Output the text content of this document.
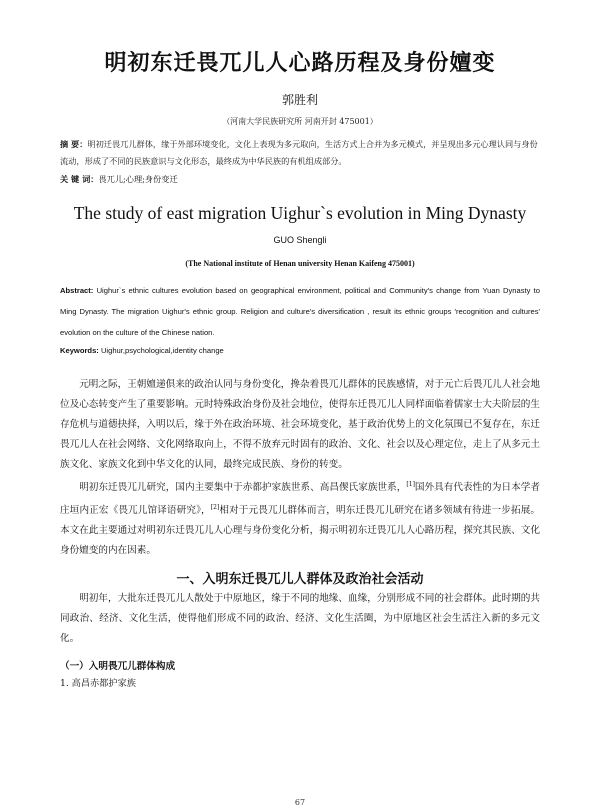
明初东迁畏兀儿人心路历程及身份嬗变
郭胜利
（河南大学民族研究所 河南开封 475001）
摘 要：明初迁畏兀儿群体，缘于外部环境变化，文化上表现为多元取向，生活方式上合并为多元模式，并呈现出多元心理认同与身份流动，形成了不同的民族意识与文化形态，最终成为中华民族的有机组成部分。
关 键 词：畏兀儿;心理;身份变迁
The study of east migration Uighur`s evolution in Ming Dynasty
GUO Shengli
(The National institute of Henan university Henan Kaifeng 475001)
Abstract: Uighur`s ethnic cultures evolution based on geographical environment, political and Community's change from Yuan Dynasty to Ming Dynasty. The migration Uighur's ethnic group. Religion and culture's diversification , result its ethnic groups 'recognition and cultures' evolution on the culture of the Chinese nation.
Keywords: Uighur,psychological,identity change

元明之际，王朝嬗递俱来的政治认同与身份变化，搀杂着畏兀儿群体的民族感情，对于元亡后畏兀儿人社会地位及心态转变产生了重要影响。元时特殊政治身份及社会地位，使得东迁畏兀儿人同样面临着儒家士大夫阶层的生存危机与道德抉择，入明以后，缘于外在政治环境、社会环境变化，基于政治优势上的文化氛围已不复存在，东迁畏兀儿人在社会网络、文化网络取向上，不得不放弃元时固有的政治、文化、社会以及心理定位，走上了从多元土族文化、家族文化到中华文化的认同，最终完成民族、身份的转变。

明初东迁畏兀儿研究，国内主要集中于赤都护家族世系、高昌偰氏家族世系，[1]国外具有代表性的为日本学者庄垣内正宏《畏兀儿馆译语研究》，[2]相对于元畏兀儿群体而言，明东迁畏兀儿研究在诸多领域有待进一步拓展。本文在此主要通过对明初东迁畏兀儿人心理与身份变化分析，揭示明初东迁畏兀儿人心路历程，探究其民族、文化身份嬗变的内在因素。

一、入明东迁畏兀儿人群体及政治社会活动

明初年，大批东迁畏兀儿人散处于中原地区，缘于不同的地缘、血缘，分别形成不同的社会群体。此时期的共同政治、经济、文化生活，使得他们形成不同的政治、经济、文化生活圈，为中原地区社会生活注入新的多元文化。

（一）入明畏兀儿群体构成
1. 高昌赤都护家族
67
